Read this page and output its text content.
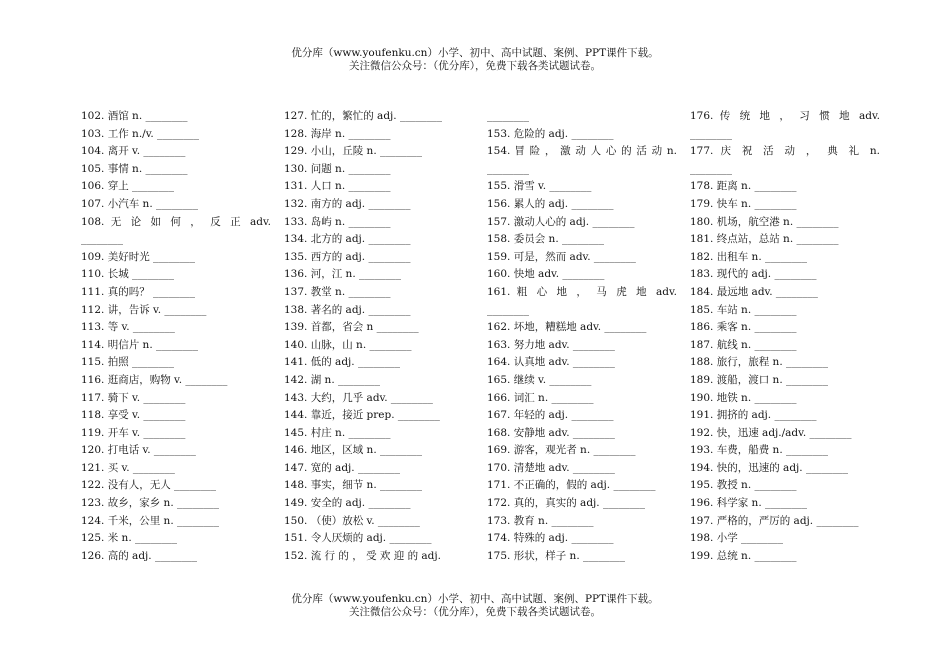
优分库（www.youfenku.cn）小学、初中、高中试题、案例、PPT课件下载。
关注微信公众号：（优分库），免费下载各类试题试卷。
102. 酒馆 n. ________
103. 工作 n./v. ________
104. 离开 v. ________
105. 事情 n. ________
106. 穿上 ________
107. 小汽车 n. ________
108. 无 论 如 何 ， 反 正 adv.
________
109. 美好时光 ________
110. 长城 ________
111. 真的吗？ ________
112. 讲，告诉 v. ________
113. 等 v. ________
114. 明信片 n. ________
115. 拍照 ________
116. 逛商店，购物 v. ________
117. 骑下 v. ________
118. 享受 v. ________
119. 开车 v. ________
120. 打电话 v. ________
121. 买 v. ________
122. 没有人，无人 ________
123. 故乡，家乡 n. ________
124. 千米，公里 n. ________
125. 米 n. ________
126. 高的 adj. ________
127. 忙的，繁忙的 adj. ________
128. 海岸 n. ________
129. 小山，丘陵 n. ________
130. 问题 n. ________
131. 人口 n. ________
132. 南方的 adj. ________
133. 岛屿 n. ________
134. 北方的 adj. ________
135. 西方的 adj. ________
136. 河，江 n. ________
137. 教堂 n. ________
138. 著名的 adj. ________
139. 首都，省会 n ________
140. 山脉，山 n. ________
141. 低的 adj. ________
142. 湖 n. ________
143. 大约，几乎 adv. ________
144. 靠近，接近 prep. ________
145. 村庄 n. ________
146. 地区，区域 n. ________
147. 宽的 adj. ________
148. 事实，细节 n. ________
149. 安全的 adj. ________
150. （使）放松 v. ________
151. 令人厌烦的 adj. ________
152. 流 行 的 ， 受 欢 迎 的 adj.
________
153. 危险的 adj. ________
154. 冒 险 ， 激 动 人 心 的 活 动 n.
________
155. 滑雪 v. ________
156. 累人的 adj. ________
157. 激动人心的 adj. ________
158. 委员会 n. ________
159. 可是，然而 adv. ________
160. 快地 adv. ________
161. 粗 心 地 ， 马 虎 地 adv.
________
162. 坏地，糟糕地 adv. ________
163. 努力地 adv. ________
164. 认真地 adv. ________
165. 继续 v. ________
166. 词汇 n. ________
167. 年轻的 adj. ________
168. 安静地 adv. ________
169. 游客，观光者 n. ________
170. 清楚地 adv. ________
171. 不正确的，假的 adj. ________
172. 真的，真实的 adj. ________
173. 教育 n. ________
174. 特殊的 adj. ________
175. 形状，样子 n. ________
176. 传 统 地 ， 习 惯 地 adv.
________
177. 庆 祝 活 动 ， 典 礼 n.
________
178. 距离 n. ________
179. 快车 n. ________
180. 机场，航空港 n. ________
181. 终点站，总站 n. ________
182. 出租车 n. ________
183. 现代的 adj. ________
184. 最远地 adv. ________
185. 车站 n. ________
186. 乘客 n. ________
187. 航线 n. ________
188. 旅行，旅程 n. ________
189. 渡船，渡口 n. ________
190. 地铁 n. ________
191. 拥挤的 adj. ________
192. 快，迅速 adj./adv. ________
193. 车费，船费 n. ________
194. 快的，迅速的 adj. ________
195. 教授 n. ________
196. 科学家 n. ________
197. 严格的，严厉的 adj. ________
198. 小学 ________
199. 总统 n. ________
优分库（www.youfenku.cn）小学、初中、高中试题、案例、PPT课件下载。
关注微信公众号：（优分库），免费下载各类试题试卷。
